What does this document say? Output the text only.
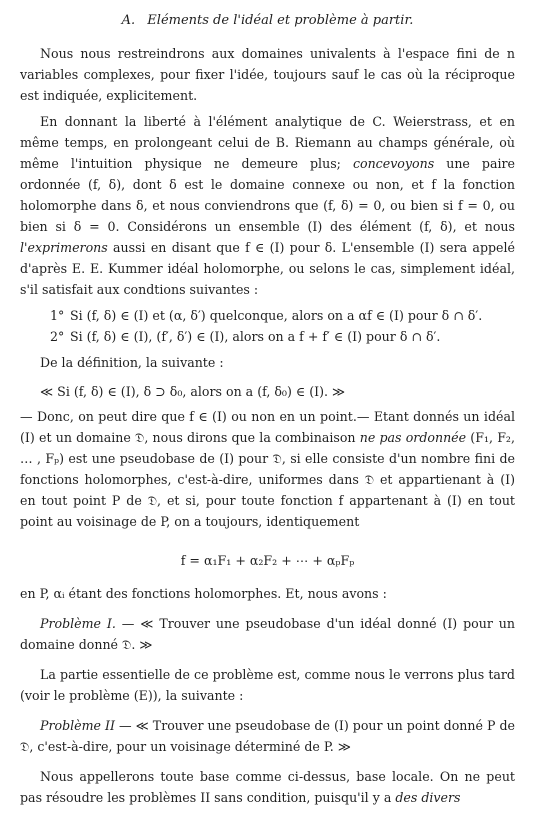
A. Eléments de l'idéal et problème à partir.

Nous nous restreindrons aux domaines univalents à l'espace fini de n variables complexes, pour fixer l'idée, toujours sauf le cas où la réciproque est indiquée, explicitement.

En donnant la liberté à l'élément analytique de C. Weierstrass, et en même temps, en prolongeant celui de B. Riemann au champs générale, où même l'intuition physique ne demeure plus; concevoyons une paire ordonnée (f, δ), dont δ est le domaine connexe ou non, et f la fonction holomorphe dans δ, et nous conviendrons que (f, δ) = 0, ou bien si f = 0, ou bien si δ = 0. Considérons un ensemble (I) des élément (f, δ), et nous l'exprimerons aussi en disant que f ∈ (I) pour δ. L'ensemble (I) sera appelé d'après E. E. Kummer idéal holomorphe, ou selons le cas, simplement idéal, s'il satisfait aux condtions suivantes :

1° Si (f, δ) ∈ (I) et (α, δ′) quelconque, alors on a αf ∈ (I) pour δ ∩ δ′.
2° Si (f, δ) ∈ (I), (f′, δ′) ∈ (I), alors on a f + f′ ∈ (I) pour δ ∩ δ′.

De la définition, la suivante :

≪ Si (f, δ) ∈ (I), δ ⊃ δ₀, alors on a (f, δ₀) ∈ (I). ≫

— Donc, on peut dire que f ∈ (I) ou non en un point.— Etant donnés un idéal (I) et un domaine 𝔇, nous dirons que la combinaison ne pas ordonnée (F₁, F₂, … , Fₚ) est une pseudobase de (I) pour 𝔇, si elle consiste d'un nombre fini de fonctions holomorphes, c'est-à-dire, uniformes dans 𝔇 et appartienant à (I) en tout point P de 𝔇, et si, pour toute fonction f appartenant à (I) en tout point au voisinage de P, on a toujours, identiquement

f = α₁F₁ + α₂F₂ + ⋯ + αₚFₚ

en P, αᵢ étant des fonctions holomorphes. Et, nous avons :

Problème I. — ≪ Trouver une pseudobase d'un idéal donné (I) pour un domaine donné 𝔇. ≫

La partie essentielle de ce problème est, comme nous le verrons plus tard (voir le problème (E)), la suivante :

Problème II — ≪ Trouver une pseudobase de (I) pour un point donné P de 𝔇, c'est-à-dire, pour un voisinage déterminé de P. ≫

Nous appellerons toute base comme ci-dessus, base locale. On ne peut pas résoudre les problèmes II sans condition, puisqu'il y a des divers
